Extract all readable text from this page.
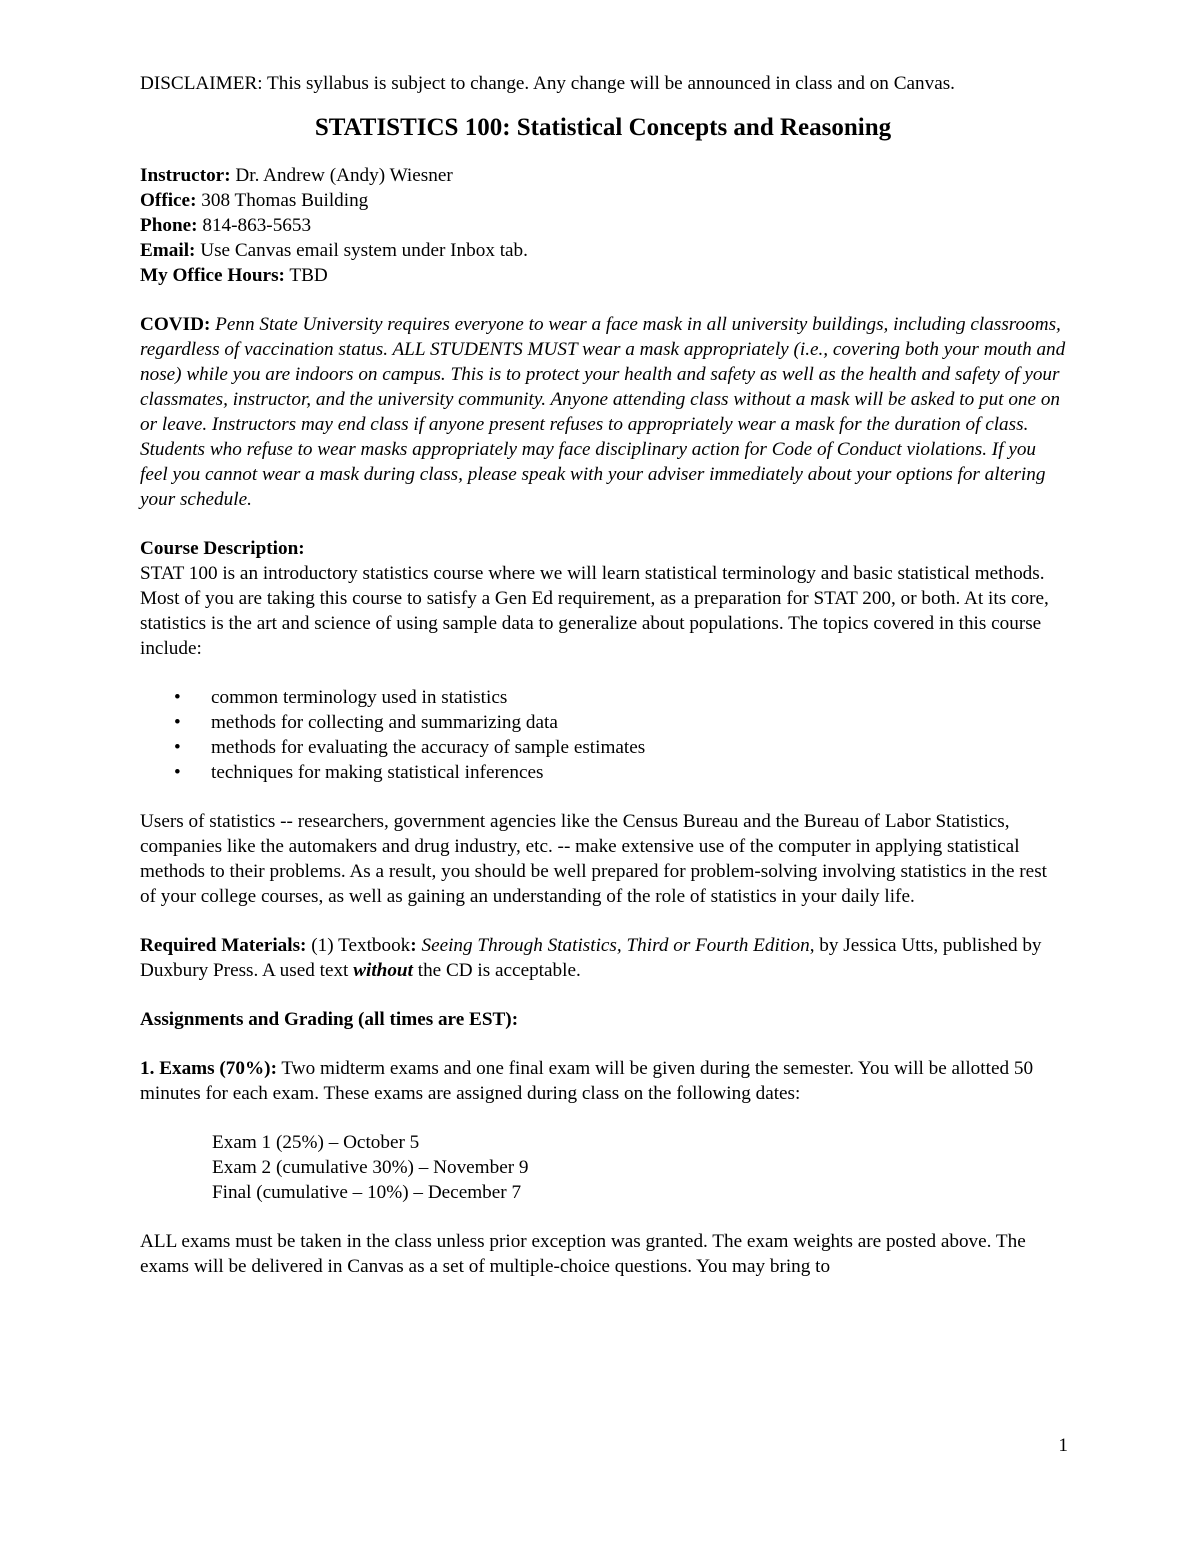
DISCLAIMER: This syllabus is subject to change. Any change will be announced in class and on Canvas.

STATISTICS 100: Statistical Concepts and Reasoning

Instructor: Dr. Andrew (Andy) Wiesner

Office: 308 Thomas Building

Phone: 814-863-5653

Email: Use Canvas email system under Inbox tab.

My Office Hours: TBD

COVID: Penn State University requires everyone to wear a face mask in all university buildings, including classrooms, regardless of vaccination status. ALL STUDENTS MUST wear a mask appropriately (i.e., covering both your mouth and nose) while you are indoors on campus. This is to protect your health and safety as well as the health and safety of your classmates, instructor, and the university community. Anyone attending class without a mask will be asked to put one on or leave. Instructors may end class if anyone present refuses to appropriately wear a mask for the duration of class. Students who refuse to wear masks appropriately may face disciplinary action for Code of Conduct violations. If you feel you cannot wear a mask during class, please speak with your adviser immediately about your options for altering your schedule.

Course Description:

STAT 100 is an introductory statistics course where we will learn statistical terminology and basic statistical methods. Most of you are taking this course to satisfy a Gen Ed requirement, as a preparation for STAT 200, or both. At its core, statistics is the art and science of using sample data to generalize about populations. The topics covered in this course include:

• common terminology used in statistics
• methods for collecting and summarizing data
• methods for evaluating the accuracy of sample estimates
• techniques for making statistical inferences

Users of statistics -- researchers, government agencies like the Census Bureau and the Bureau of Labor Statistics, companies like the automakers and drug industry, etc. -- make extensive use of the computer in applying statistical methods to their problems. As a result, you should be well prepared for problem-solving involving statistics in the rest of your college courses, as well as gaining an understanding of the role of statistics in your daily life.

Required Materials: (1) Textbook: Seeing Through Statistics, Third or Fourth Edition, by Jessica Utts, published by Duxbury Press. A used text without the CD is acceptable.

Assignments and Grading (all times are EST):

1. Exams (70%): Two midterm exams and one final exam will be given during the semester. You will be allotted 50 minutes for each exam. These exams are assigned during class on the following dates:

Exam 1 (25%) – October 5

Exam 2 (cumulative 30%) – November 9

Final (cumulative – 10%) – December 7

ALL exams must be taken in the class unless prior exception was granted. The exam weights are posted above. The exams will be delivered in Canvas as a set of multiple-choice questions. You may bring to

1
